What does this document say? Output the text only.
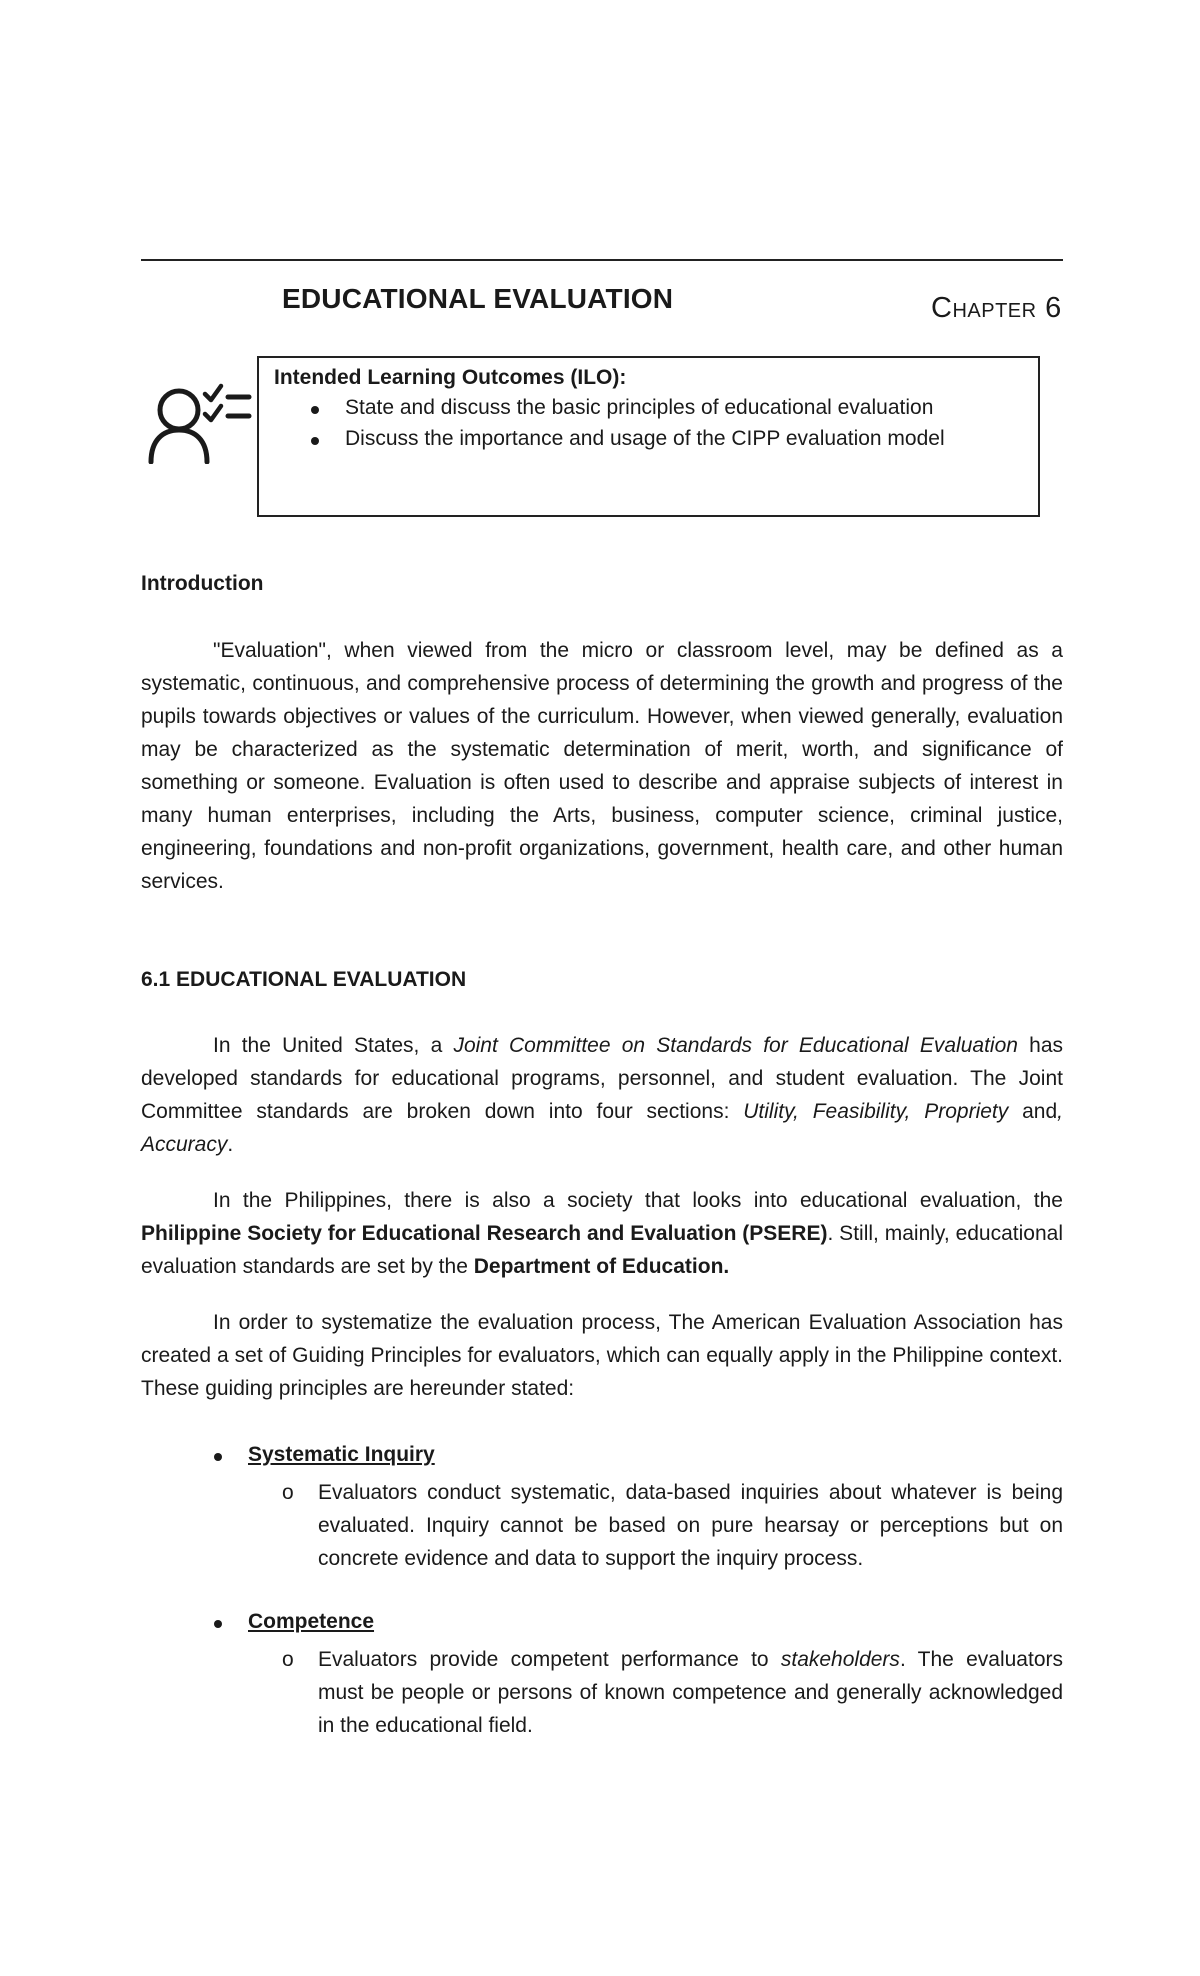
EDUCATIONAL EVALUATION	CHAPTER 6
Intended Learning Outcomes (ILO):
State and discuss the basic principles of educational evaluation
Discuss the importance and usage of the CIPP evaluation model
Introduction

"Evaluation", when viewed from the micro or classroom level, may be defined as a systematic, continuous, and comprehensive process of determining the growth and progress of the pupils towards objectives or values of the curriculum. However, when viewed generally, evaluation may be characterized as the systematic determination of merit, worth, and significance of something or someone. Evaluation is often used to describe and appraise subjects of interest in many human enterprises, including the Arts, business, computer science, criminal justice, engineering, foundations and non-profit organizations, government, health care, and other human services.

6.1 EDUCATIONAL EVALUATION

In the United States, a Joint Committee on Standards for Educational Evaluation has developed standards for educational programs, personnel, and student evaluation. The Joint Committee standards are broken down into four sections: Utility, Feasibility, Propriety and, Accuracy.

In the Philippines, there is also a society that looks into educational evaluation, the Philippine Society for Educational Research and Evaluation (PSERE). Still, mainly, educational evaluation standards are set by the Department of Education.

In order to systematize the evaluation process, The American Evaluation Association has created a set of Guiding Principles for evaluators, which can equally apply in the Philippine context. These guiding principles are hereunder stated:

Systematic Inquiry
o Evaluators conduct systematic, data-based inquiries about whatever is being evaluated. Inquiry cannot be based on pure hearsay or perceptions but on concrete evidence and data to support the inquiry process.
Competence
o Evaluators provide competent performance to stakeholders. The evaluators must be people or persons of known competence and generally acknowledged in the educational field.
